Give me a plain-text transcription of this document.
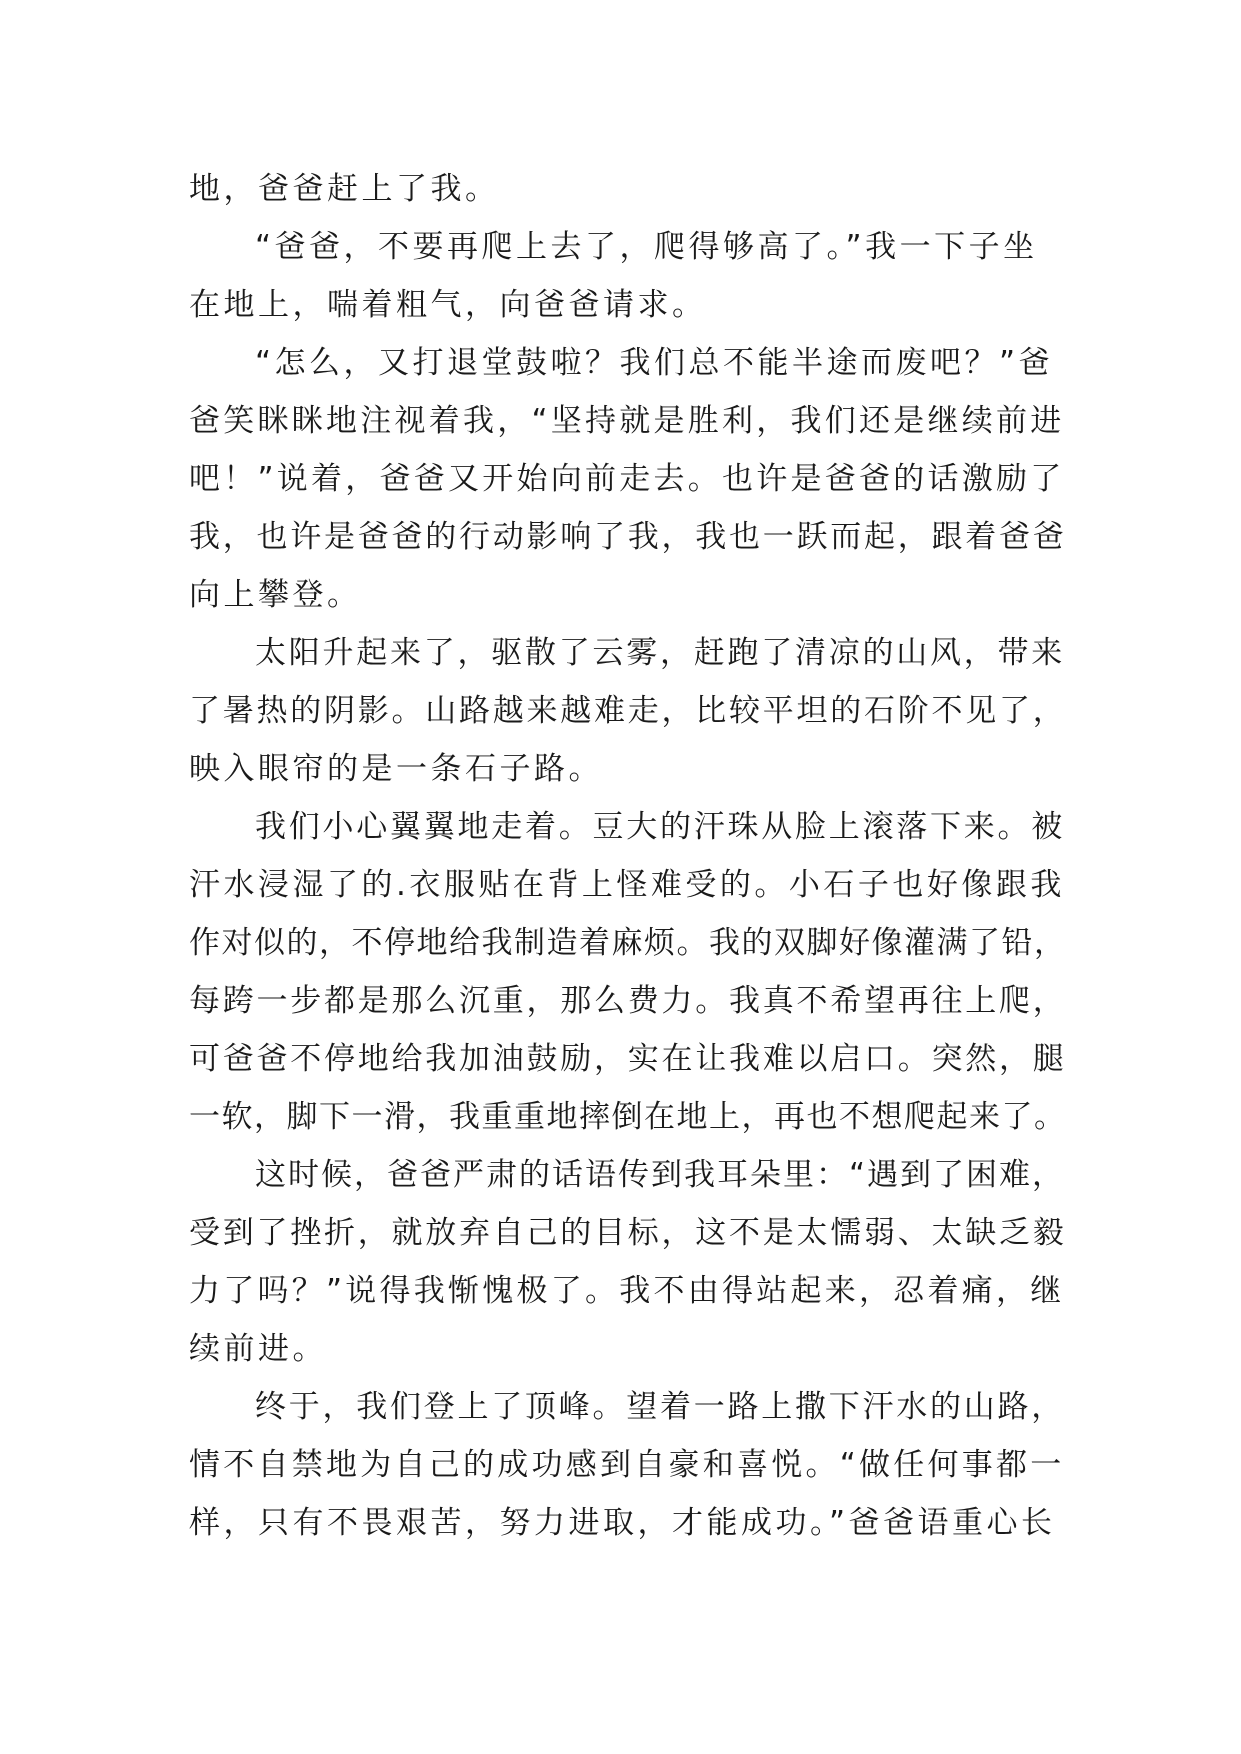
地，爸爸赶上了我。
“爸爸，不要再爬上去了，爬得够高了。”我一下子坐
在地上，喘着粗气，向爸爸请求。
“怎么，又打退堂鼓啦？我们总不能半途而废吧？”爸
爸笑眯眯地注视着我，“坚持就是胜利，我们还是继续前进
吧！”说着，爸爸又开始向前走去。也许是爸爸的话激励了
我，也许是爸爸的行动影响了我，我也一跃而起，跟着爸爸
向上攀登。
太阳升起来了，驱散了云雾，赶跑了清凉的山风，带来
了暑热的阴影。山路越来越难走，比较平坦的石阶不见了，
映入眼帘的是一条石子路。
我们小心翼翼地走着。豆大的汗珠从脸上滚落下来。被
汗水浸湿了的.衣服贴在背上怪难受的。小石子也好像跟我
作对似的，不停地给我制造着麻烦。我的双脚好像灌满了铅，
每跨一步都是那么沉重，那么费力。我真不希望再往上爬，
可爸爸不停地给我加油鼓励，实在让我难以启口。突然，腿
一软，脚下一滑，我重重地摔倒在地上，再也不想爬起来了。
这时候，爸爸严肃的话语传到我耳朵里：“遇到了困难，
受到了挫折，就放弃自己的目标，这不是太懦弱、太缺乏毅
力了吗？”说得我惭愧极了。我不由得站起来，忍着痛，继
续前进。
终于，我们登上了顶峰。望着一路上撒下汗水的山路，
情不自禁地为自己的成功感到自豪和喜悦。“做任何事都一
样，只有不畏艰苦，努力进取，才能成功。”爸爸语重心长
